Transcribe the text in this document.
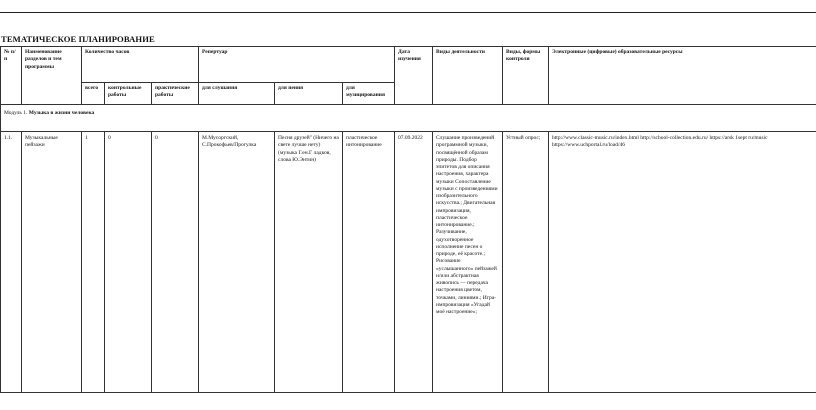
ТЕМАТИЧЕСКОЕ ПЛАНИРОВАНИЕ
№ п/п	Наименование разделов и тем программы	Количество часов			Репертуар			Дата изучения	Виды деятельности	Виды, формы контроля	Электронные (цифровые) образовательные ресурсы
		всего	контрольные работы	практические работы	для слушания	для пения	для музицирования				
Модуль 1. Музыка в жизни человека											
1.1.	Музыкальные пейзажи	1	0	0	М.Мусоргский, С.Прокофьев/Прогулка	Песня друзей" (Ничего на свете лучше нету) (музыка Г.ен.Г ладков, слова Ю.Энтин)	пластическое интонирование	07.09.2022	Слушание произведений программной музыки, посвящённой образам природы. Подбор эпитетов для описания настроения, характера музыки Сопоставление музыки с произведениями изобразительного искусства.; Двигательная импровизация, пластическое интонирование.; Разучивание, одухотворенное исполнение песен о природе, её красоте.; Рисование «услышанного» пейзажей и/или абстрактная живопись — передача настроения цветом, точками, линиями.; Игра-импровизация «Угадай моё настроение»;	Устный опрос;	http://www.classic-music.ru/index.html http://school-collection.edu.ru/ https://arsk 1sept ru/music https://www.uchportal.ru/load/46
